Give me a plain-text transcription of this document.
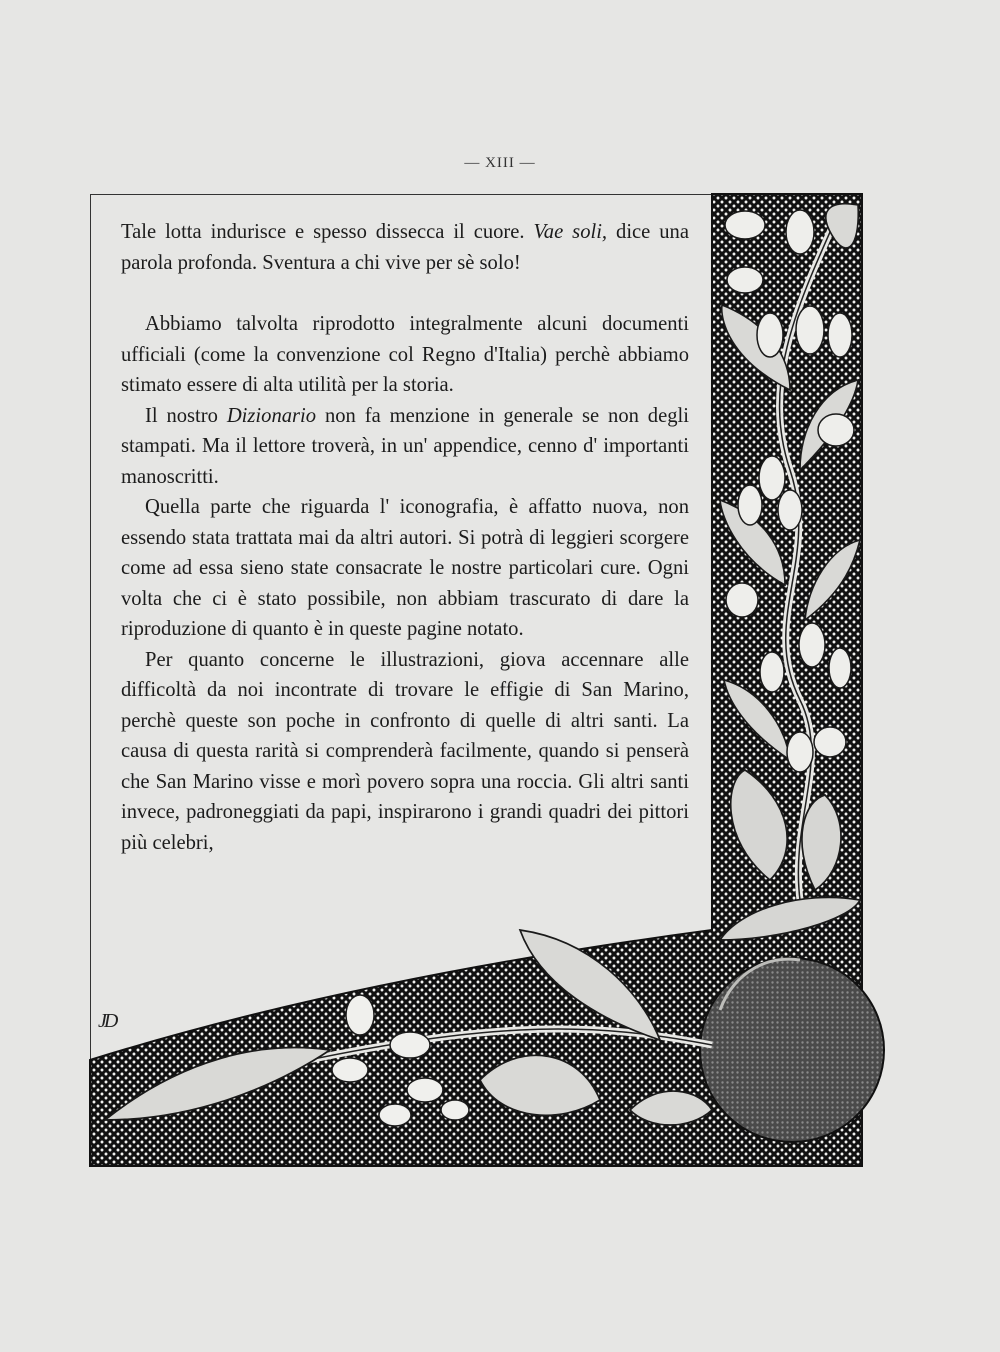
— XIII —
JD

Tale lotta indurisce e spesso dissecca il cuore. Vae soli, dice una parola profonda. Sventura a chi vive per sè solo!

Abbiamo talvolta riprodotto integralmente alcuni documenti ufficiali (come la convenzione col Regno d'Italia) perchè abbiamo stimato essere di alta utilità per la storia.

Il nostro Dizionario non fa menzione in generale se non degli stampati. Ma il lettore troverà, in un' appendice, cenno d' importanti manoscritti.

Quella parte che riguarda l' iconografia, è affatto nuova, non essendo stata trattata mai da altri autori. Si potrà di leggieri scorgere come ad essa sieno state consacrate le nostre particolari cure. Ogni volta che ci è stato possibile, non abbiam trascurato di dare la riproduzione di quanto è in queste pagine notato.

Per quanto concerne le illustrazioni, giova accennare alle difficoltà da noi incontrate di trovare le effigie di San Marino, perchè queste son poche in confronto di quelle di altri santi. La causa di questa rarità si comprenderà facilmente, quando si penserà che San Marino visse e morì povero sopra una roccia. Gli altri santi invece, padroneggiati da papi, inspirarono i grandi quadri dei pittori più celebri,
